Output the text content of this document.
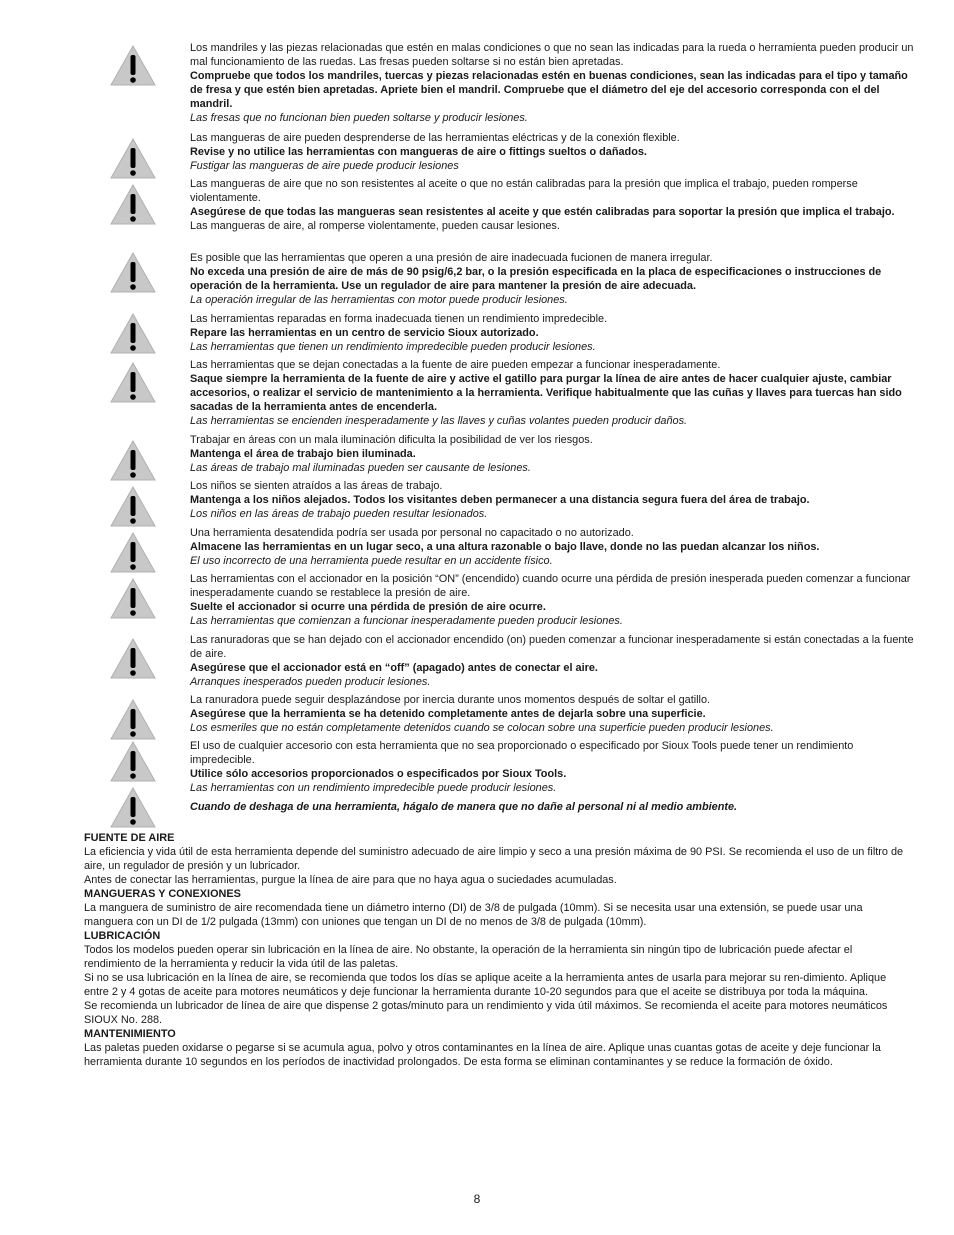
Los mandriles y las piezas relacionadas que estén en malas condiciones o que no sean las indicadas para la rueda o herramienta pueden producir un mal funcionamiento de las ruedas. Las fresas pueden soltarse si no están bien apretadas.
Compruebe que todos los mandriles, tuercas y piezas relacionadas estén en buenas condiciones, sean las indicadas para el tipo y tamaño de fresa y que estén bien apretadas. Apriete bien el mandril. Compruebe que el diámetro del eje del accesorio corresponda con el del mandril.
Las fresas que no funcionan bien pueden soltarse y producir lesiones.
Las mangueras de aire pueden desprenderse de las herramientas eléctricas y de la conexión flexible.
Revise y no utilice las herramientas con mangueras de aire o fittings sueltos o dañados.
Fustigar las mangueras de aire puede producir lesiones
Las mangueras de aire que no son resistentes al aceite o que no están calibradas para la presión que implica el trabajo, pueden romperse violentamente.
Asegúrese de que todas las mangueras sean resistentes al aceite y que estén calibradas para soportar la presión que implica el trabajo.
Las mangueras de aire, al romperse violentamente, pueden causar lesiones.
Es posible que las herramientas que operen a una presión de aire inadecuada fucionen de manera irregular.
No exceda una presión de aire de más de 90 psig/6,2 bar, o la presión especificada en la placa de especificaciones o instrucciones de operación de la herramienta. Use un regulador de aire para mantener la presión de aire adecuada.
La operación irregular de las herramientas con motor puede producir lesiones.
Las herramientas reparadas en forma inadecuada tienen un rendimiento impredecible.
Repare las herramientas en un centro de servicio Sioux autorizado.
Las herramientas que tienen un rendimiento impredecible pueden producir lesiones.
Las herramientas que se dejan conectadas a la fuente de aire pueden empezar a funcionar inesperadamente.
Saque siempre la herramienta de la fuente de aire y active el gatillo para purgar la línea de aire antes de hacer cualquier ajuste, cambiar accesorios, o realizar el servicio de mantenimiento a la herramienta. Verifique habitualmente que las cuñas y llaves para tuercas han sido sacadas de la herramienta antes de encenderla.
Las herramientas se encienden inesperadamente y las llaves y cuñas volantes pueden producir daños.
Trabajar en áreas con un mala iluminación dificulta la posibilidad de ver los riesgos.
Mantenga el área de trabajo bien iluminada.
Las áreas de trabajo mal iluminadas pueden ser causante de lesiones.
Los niños se sienten atraídos a las áreas de trabajo.
Mantenga a los niños alejados. Todos los visitantes deben permanecer a una distancia segura fuera del área de trabajo.
Los niños en las áreas de trabajo pueden resultar lesionados.
Una herramienta desatendida podría ser usada por personal no capacitado o no autorizado.
Almacene las herramientas en un lugar seco, a una altura razonable o bajo llave, donde no las puedan alcanzar los niños.
El uso incorrecto de una herramienta puede resultar en un accidente físico.
Las herramientas con el accionador en la posición “ON” (encendido) cuando ocurre una pérdida de presión inesperada pueden comenzar a funcionar inesperadamente cuando se restablece la presión de aire.
Suelte el accionador si ocurre una pérdida de presión de aire ocurre.
Las herramientas que comienzan a funcionar inesperadamente pueden producir lesiones.
Las ranuradoras que se han dejado con el accionador encendido (on) pueden comenzar a funcionar inesperadamente si están conectadas a la fuente de aire.
Asegúrese que el accionador está en “off” (apagado) antes de conectar el aire.
Arranques inesperados pueden producir lesiones.
La ranuradora puede seguir desplazándose por inercia durante unos momentos después de soltar el gatillo.
Asegúrese que la herramienta se ha detenido completamente antes de dejarla sobre una superficie.
Los esmeriles que no están completamente detenidos cuando se colocan sobre una superficie pueden producir lesiones.
El uso de cualquier accesorio con esta herramienta que no sea proporcionado o especificado por Sioux Tools puede tener un rendimiento impredecible.
Utilice sólo accesorios proporcionados o especificados por Sioux Tools.
Las herramientas con un rendimiento impredecible puede producir lesiones.
Cuando de deshaga de una herramienta, hágalo de manera que no dañe al personal ni al medio ambiente.
FUENTE DE AIRE
La eficiencia y vida útil de esta herramienta depende del suministro adecuado de aire limpio y seco a una presión máxima de 90 PSI. Se recomienda el uso de un filtro de aire, un regulador de presión y un lubricador.
Antes de conectar las herramientas, purgue la línea de aire para que no haya agua o suciedades acumuladas.
MANGUERAS Y CONEXIONES
La manguera de suministro de aire recomendada tiene un diámetro interno (DI) de 3/8 de pulgada (10mm). Si se necesita usar una extensión, se puede usar una manguera con un DI de 1/2 pulgada (13mm) con uniones que tengan un DI de no menos de 3/8 de pulgada (10mm).
LUBRICACIÓN
Todos los modelos pueden operar sin lubricación en la línea de aire. No obstante, la operación de la herramienta sin ningún tipo de lubricación puede afectar el rendimiento de la herramienta y reducir la vida útil de las paletas.
Si no se usa lubricación en la línea de aire, se recomienda que todos los días se aplique aceite a la herramienta antes de usarla para mejorar su ren-dimiento. Aplique entre 2 y 4 gotas de aceite para motores neumáticos y deje funcionar la herramienta durante 10-20 segundos para que el aceite se distribuya por toda la máquina.
Se recomienda un lubricador de línea de aire que dispense 2 gotas/minuto para un rendimiento y vida útil máximos. Se recomienda el aceite para motores neumáticos SIOUX No. 288.
MANTENIMIENTO
Las paletas pueden oxidarse o pegarse si se acumula agua, polvo y otros contaminantes en la línea de aire. Aplique unas cuantas gotas de aceite y deje funcionar la herramienta durante 10 segundos en los períodos de inactividad prolongados. De esta forma se eliminan contaminantes y se reduce la formación de óxido.
8
